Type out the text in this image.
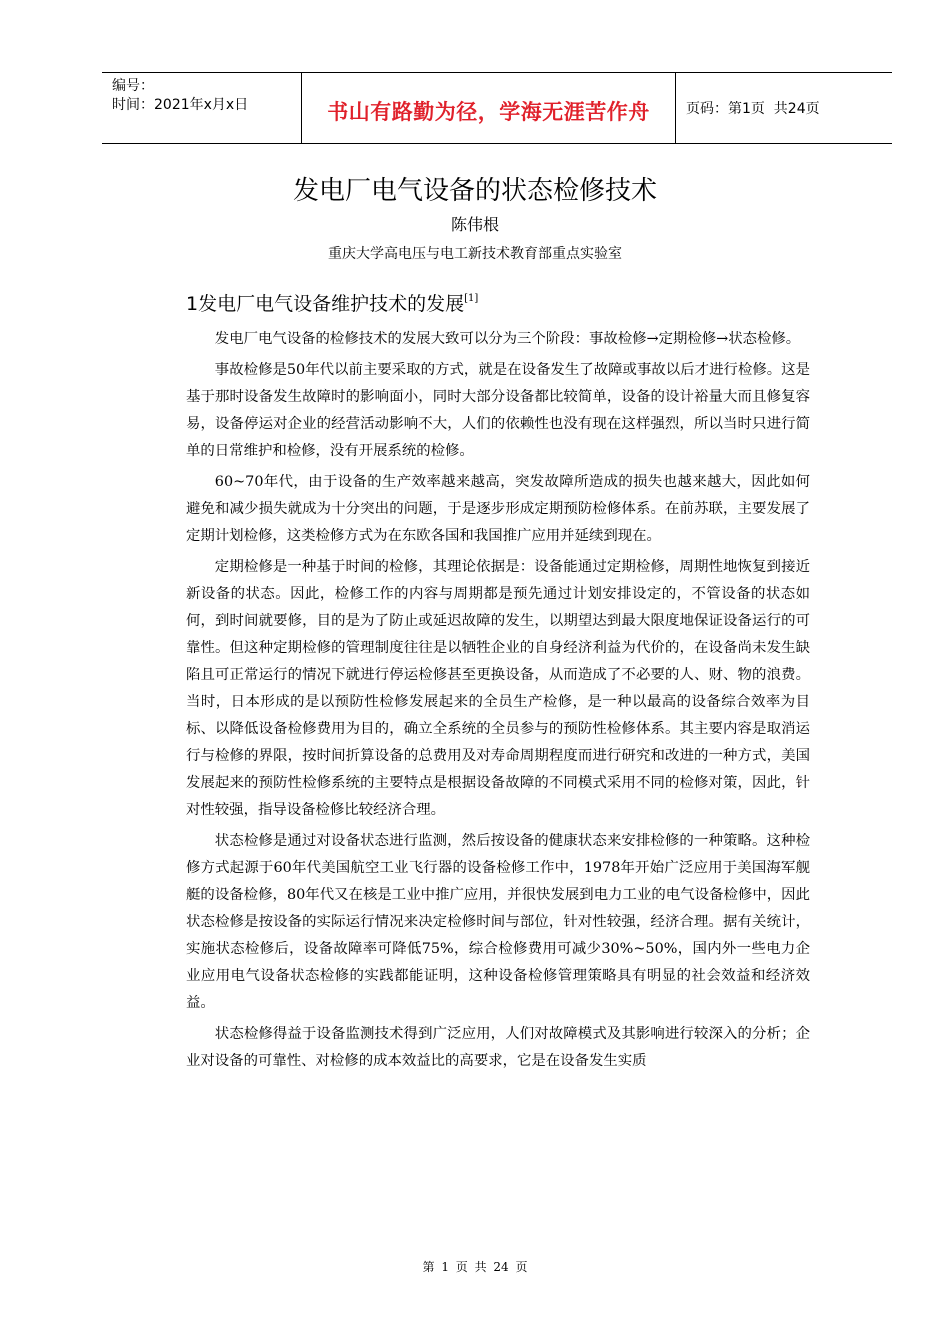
编号：
时间：2021年x月x日	书山有路勤为径，学海无涯苦作舟	页码：第1页  共24页
发电厂电气设备的状态检修技术
陈伟根
重庆大学高电压与电工新技术教育部重点实验室
1发电厂电气设备维护技术的发展[1]

发电厂电气设备的检修技术的发展大致可以分为三个阶段：事故检修→定期检修→状态检修。

事故检修是50年代以前主要采取的方式，就是在设备发生了故障或事故以后才进行检修。这是基于那时设备发生故障时的影响面小，同时大部分设备都比较简单，设备的设计裕量大而且修复容易，设备停运对企业的经营活动影响不大，人们的依赖性也没有现在这样强烈，所以当时只进行简单的日常维护和检修，没有开展系统的检修。

60~70年代，由于设备的生产效率越来越高，突发故障所造成的损失也越来越大，因此如何避免和减少损失就成为十分突出的问题，于是逐步形成定期预防检修体系。在前苏联，主要发展了定期计划检修，这类检修方式为在东欧各国和我国推广应用并延续到现在。

定期检修是一种基于时间的检修，其理论依据是：设备能通过定期检修，周期性地恢复到接近新设备的状态。因此，检修工作的内容与周期都是预先通过计划安排设定的，不管设备的状态如何，到时间就要修，目的是为了防止或延迟故障的发生，以期望达到最大限度地保证设备运行的可靠性。但这种定期检修的管理制度往往是以牺牲企业的自身经济利益为代价的，在设备尚未发生缺陷且可正常运行的情况下就进行停运检修甚至更换设备，从而造成了不必要的人、财、物的浪费。当时，日本形成的是以预防性检修发展起来的全员生产检修，是一种以最高的设备综合效率为目标、以降低设备检修费用为目的，确立全系统的全员参与的预防性检修体系。其主要内容是取消运行与检修的界限，按时间折算设备的总费用及对寿命周期程度而进行研究和改进的一种方式，美国发展起来的预防性检修系统的主要特点是根据设备故障的不同模式采用不同的检修对策，因此，针对性较强，指导设备检修比较经济合理。

状态检修是通过对设备状态进行监测，然后按设备的健康状态来安排检修的一种策略。这种检修方式起源于60年代美国航空工业飞行器的设备检修工作中，1978年开始广泛应用于美国海军舰艇的设备检修，80年代又在核是工业中推广应用，并很快发展到电力工业的电气设备检修中，因此状态检修是按设备的实际运行情况来决定检修时间与部位，针对性较强，经济合理。据有关统计，实施状态检修后，设备故障率可降低75%，综合检修费用可减少30%~50%，国内外一些电力企业应用电气设备状态检修的实践都能证明，这种设备检修管理策略具有明显的社会效益和经济效益。

状态检修得益于设备监测技术得到广泛应用，人们对故障模式及其影响进行较深入的分析；企业对设备的可靠性、对检修的成本效益比的高要求，它是在设备发生实质

第 1 页 共 24 页
